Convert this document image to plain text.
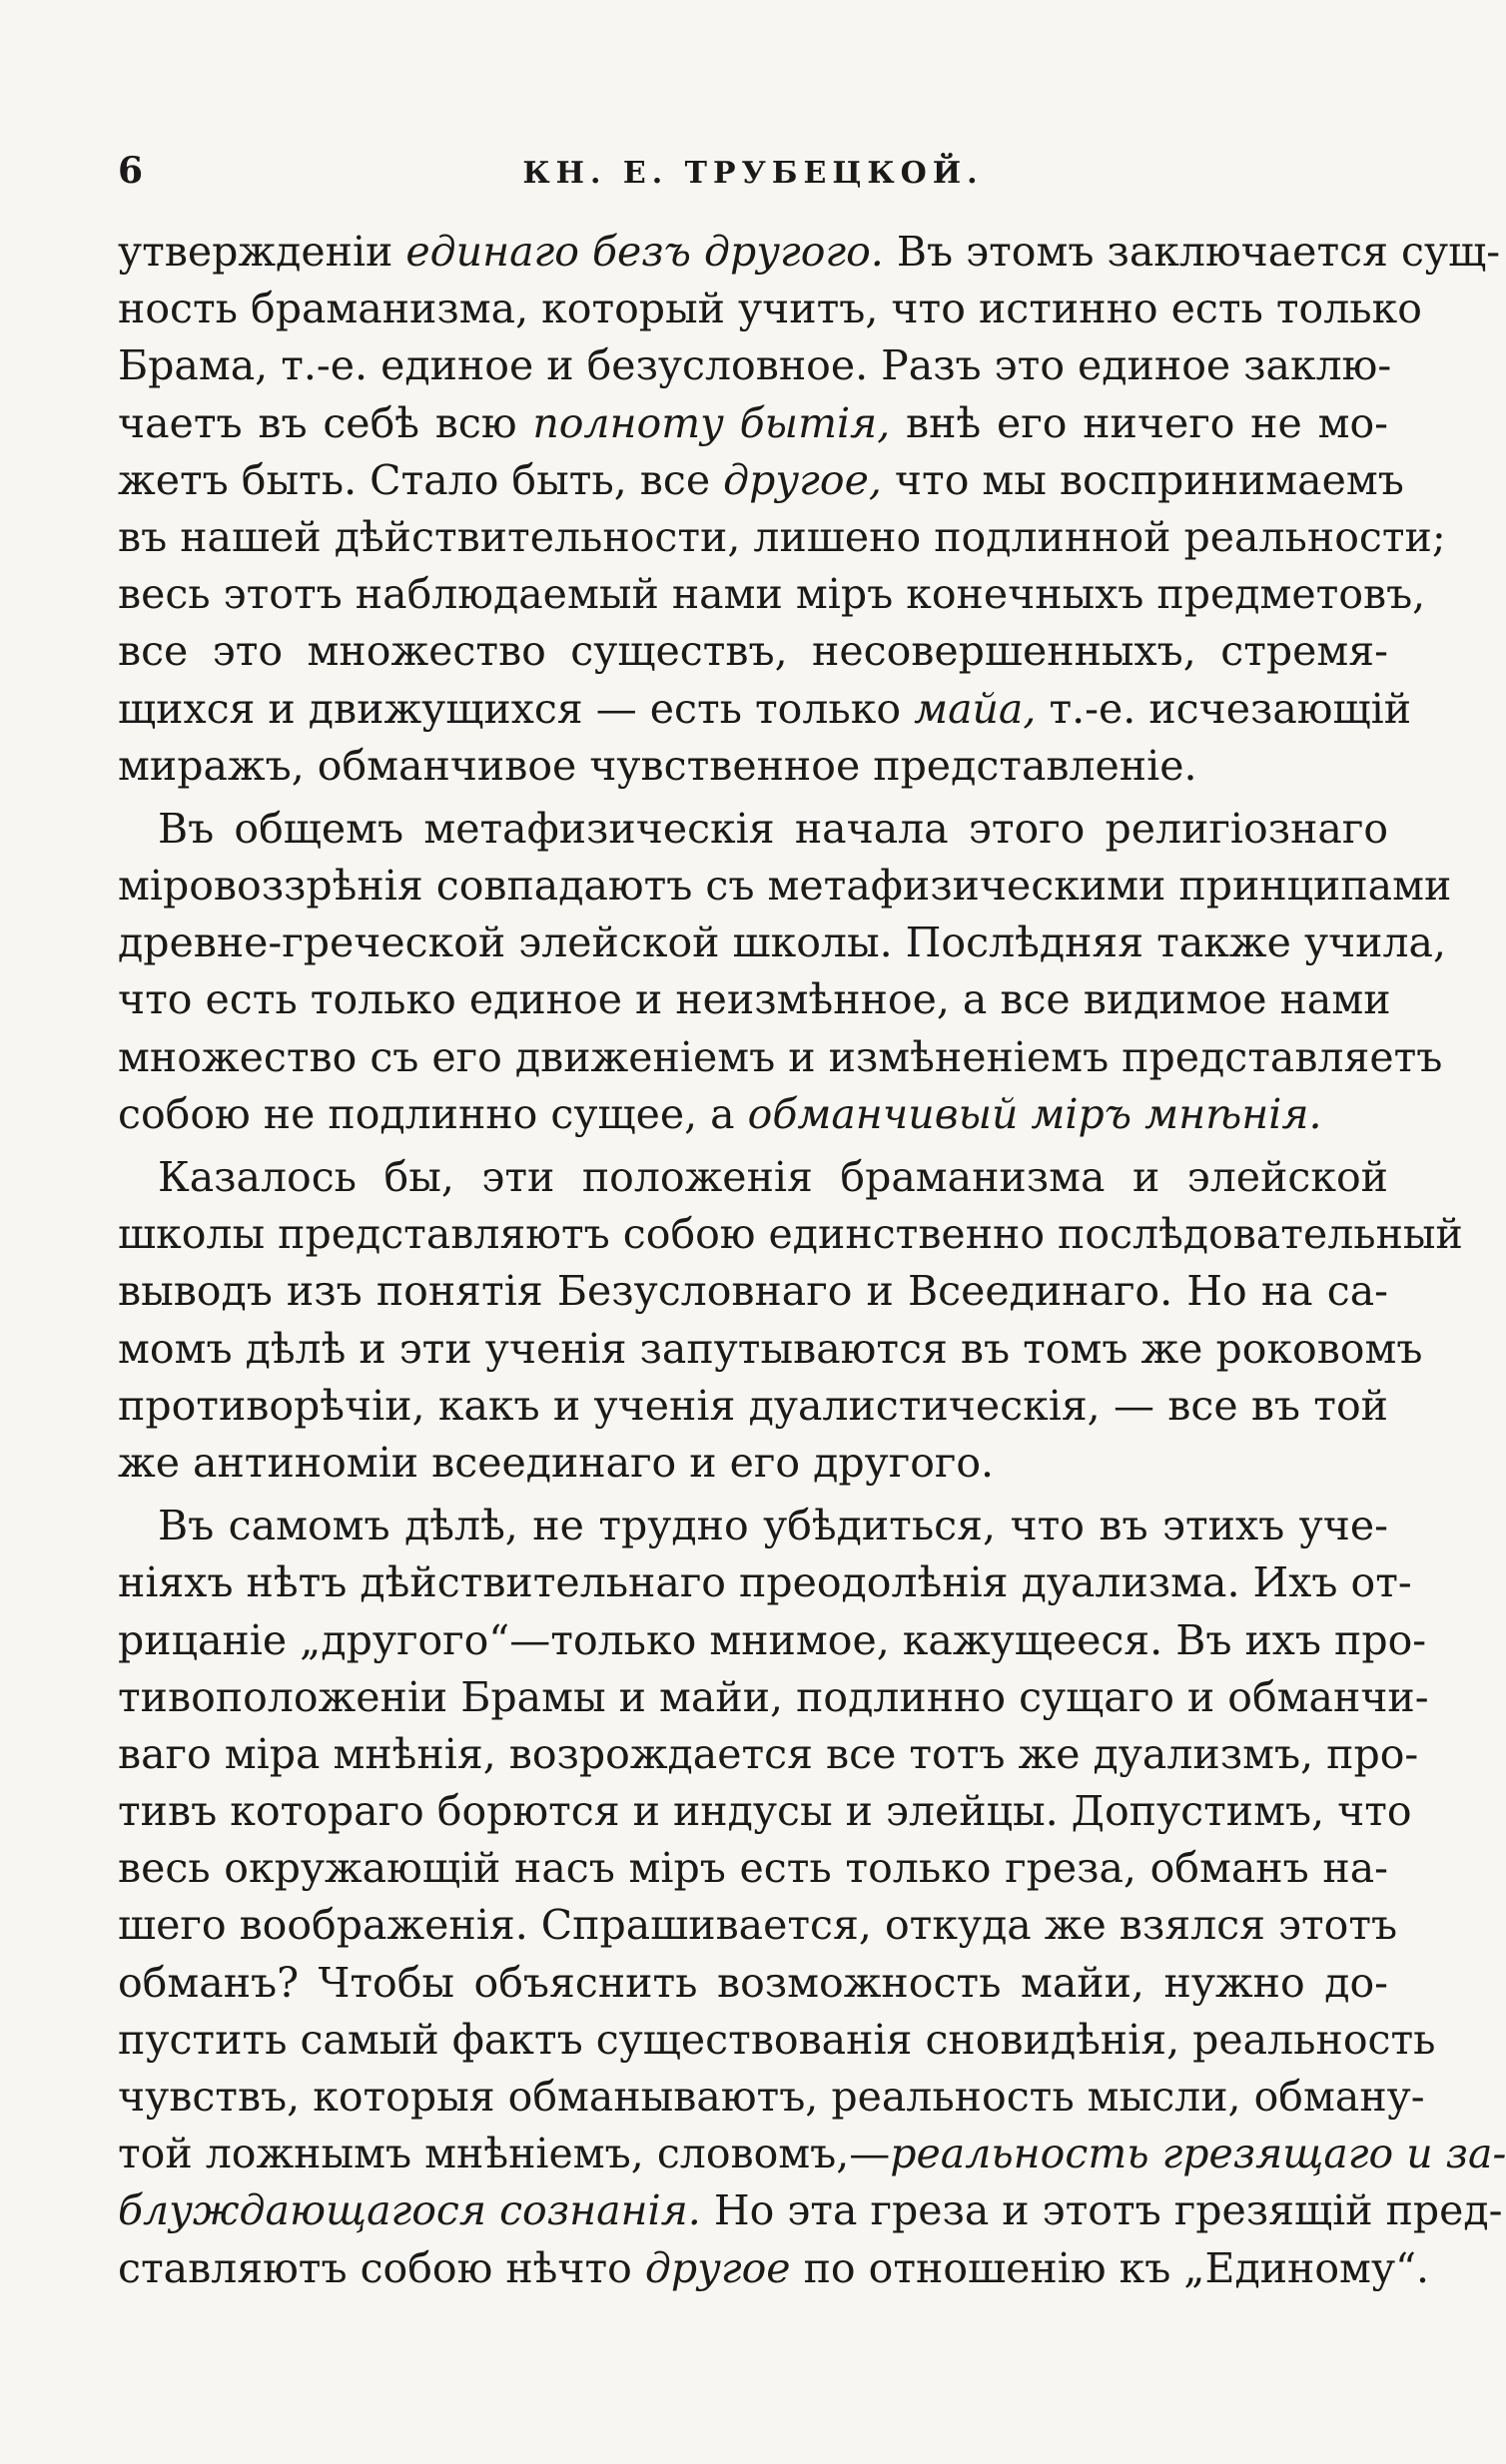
6	КН. Е. ТРУБЕЦКОЙ.
утвержденіи единаго безъ другого. Въ этомъ заключается сущ-
ность браманизма, который учитъ, что истинно есть только
Брама, т.-е. единое и безусловное. Разъ это единое заклю-
чаетъ въ себѣ всю полноту бытія, внѣ его ничего не мо-
жетъ быть. Стало быть, все другое, что мы воспринимаемъ
въ нашей дѣйствительности, лишено подлинной реальности;
весь этотъ наблюдаемый нами міръ конечныхъ предметовъ,
все это множество существъ, несовершенныхъ, стремя-
щихся и движущихся — есть только майа, т.-е. исчезающій
миражъ, обманчивое чувственное представленіе.
Въ общемъ метафизическія начала этого религіознаго
міровоззрѣнія совпадаютъ съ метафизическими принципами
древне-греческой элейской школы. Послѣдняя также учила,
что есть только единое и неизмѣнное, а все видимое нами
множество съ его движеніемъ и измѣненіемъ представляетъ
собою не подлинно сущее, а обманчивый міръ мнѣнія.
Казалось бы, эти положенія браманизма и элейской
школы представляютъ собою единственно послѣдовательный
выводъ изъ понятія Безусловнаго и Всеединаго. Но на са-
момъ дѣлѣ и эти ученія запутываются въ томъ же роковомъ
противорѣчіи, какъ и ученія дуалистическія, — все въ той
же антиноміи всеединаго и его другого.
Въ самомъ дѣлѣ, не трудно убѣдиться, что въ этихъ уче-
ніяхъ нѣтъ дѣйствительнаго преодолѣнія дуализма. Ихъ от-
рицаніе „другого“—только мнимое, кажущееся. Въ ихъ про-
тивоположеніи Брамы и майи, подлинно сущаго и обманчи-
ваго міра мнѣнія, возрождается все тотъ же дуализмъ, про-
тивъ котораго борются и индусы и элейцы. Допустимъ, что
весь окружающій насъ міръ есть только греза, обманъ на-
шего воображенія. Спрашивается, откуда же взялся этотъ
обманъ? Чтобы объяснить возможность майи, нужно до-
пустить самый фактъ существованія сновидѣнія, реальность
чувствъ, которыя обманываютъ, реальность мысли, обману-
той ложнымъ мнѣніемъ, словомъ,—реальность грезящаго и за-
блуждающагося сознанія. Но эта греза и этотъ грезящій пред-
ставляютъ собою нѣчто другое по отношенію къ „Единому“.
